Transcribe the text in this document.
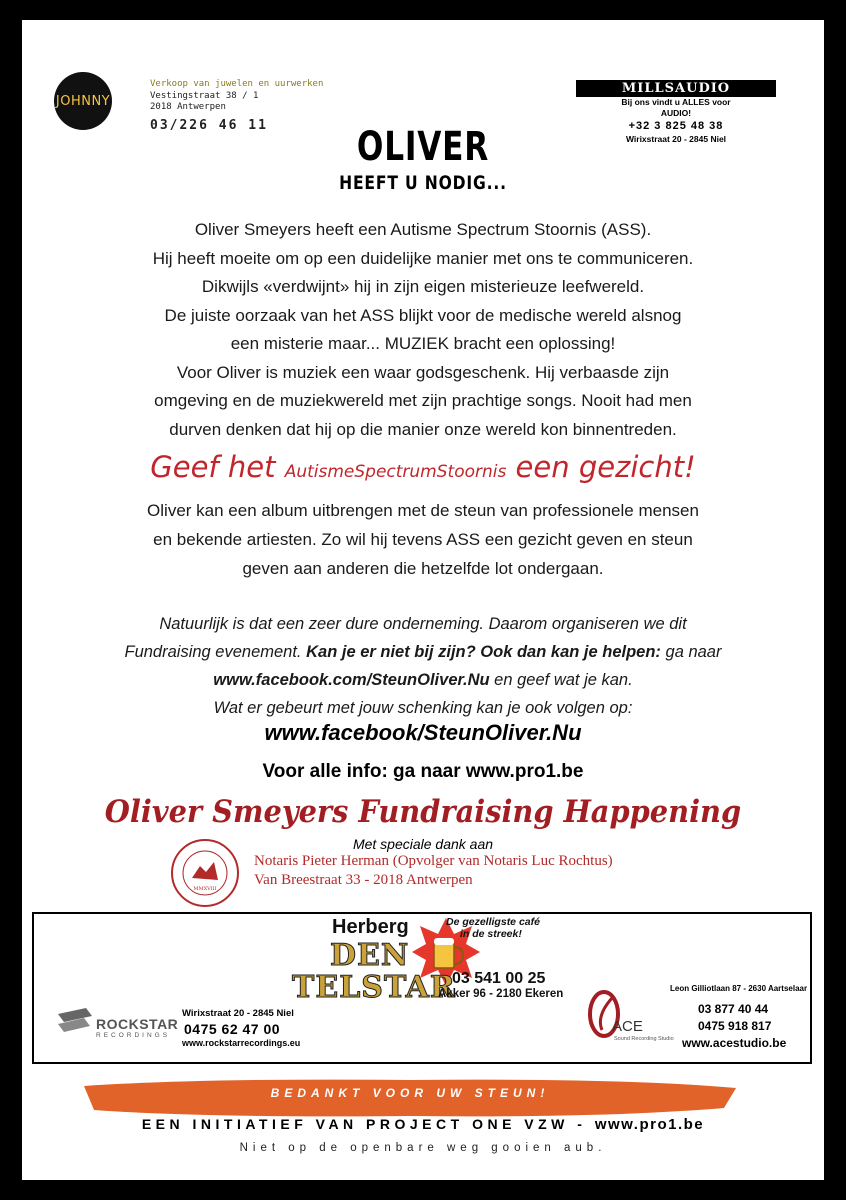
JOHNNY
Verkoop van juwelen en uurwerken
Vestingstraat 38 / 1
2018 Antwerpen
03/226 46 11
MILLSAUDIO
Bij ons vindt u ALLES voor
AUDIO!
+32 3 825 48 38
Wirixstraat 20 - 2845 Niel
OLIVER
HEEFT U NODIG...
Oliver Smeyers heeft een Autisme Spectrum Stoornis (ASS).
Hij heeft moeite om op een duidelijke manier met ons te communiceren.
Dikwijls «verdwijnt» hij in zijn eigen misterieuze leefwereld.
De juiste oorzaak van het ASS blijkt voor de medische wereld alsnog
een misterie maar... MUZIEK bracht een oplossing!
Voor Oliver is muziek een waar godsgeschenk. Hij verbaasde zijn
omgeving en de muziekwereld met zijn prachtige songs. Nooit had men
durven denken dat hij op die manier onze wereld kon binnentreden.
Geef het AutismeSpectrumStoornis een gezicht!
Oliver kan een album uitbrengen met de steun van professionele mensen
en bekende artiesten. Zo wil hij tevens ASS een gezicht geven en steun
geven aan anderen die hetzelfde lot ondergaan.
Natuurlijk is dat een zeer dure onderneming. Daarom organiseren we dit
Fundraising evenement. Kan je er niet bij zijn? Ook dan kan je helpen: ga naar
www.facebook.com/SteunOliver.Nu en geef wat je kan.
Wat er gebeurt met jouw schenking kan je ook volgen op:
www.facebook/SteunOliver.Nu
Voor alle info: ga naar www.pro1.be
Oliver Smeyers Fundraising Happening
Met speciale dank aan
MMXVIII
Notaris Pieter Herman (Opvolger van Notaris Luc Rochtus)
Van Breestraat 33 - 2018 Antwerpen
ROCKSTAR
RECORDINGS
Wirixstraat 20 - 2845 Niel
0475 62 47 00
www.rockstarrecordings.eu
Herberg
DEN
TELSTAR
De gezelligste café
in de streek!
03 541 00 25
Akker 96 - 2180 Ekeren
ACE
Sound Recording Studio
Leon Gilliotlaan 87 - 2630 Aartselaar
03 877 40 44
0475 918 817
www.acestudio.be
BEDANKT VOOR UW STEUN!
EEN INITIATIEF VAN PROJECT ONE VZW - www.pro1.be
Niet op de openbare weg gooien aub.
